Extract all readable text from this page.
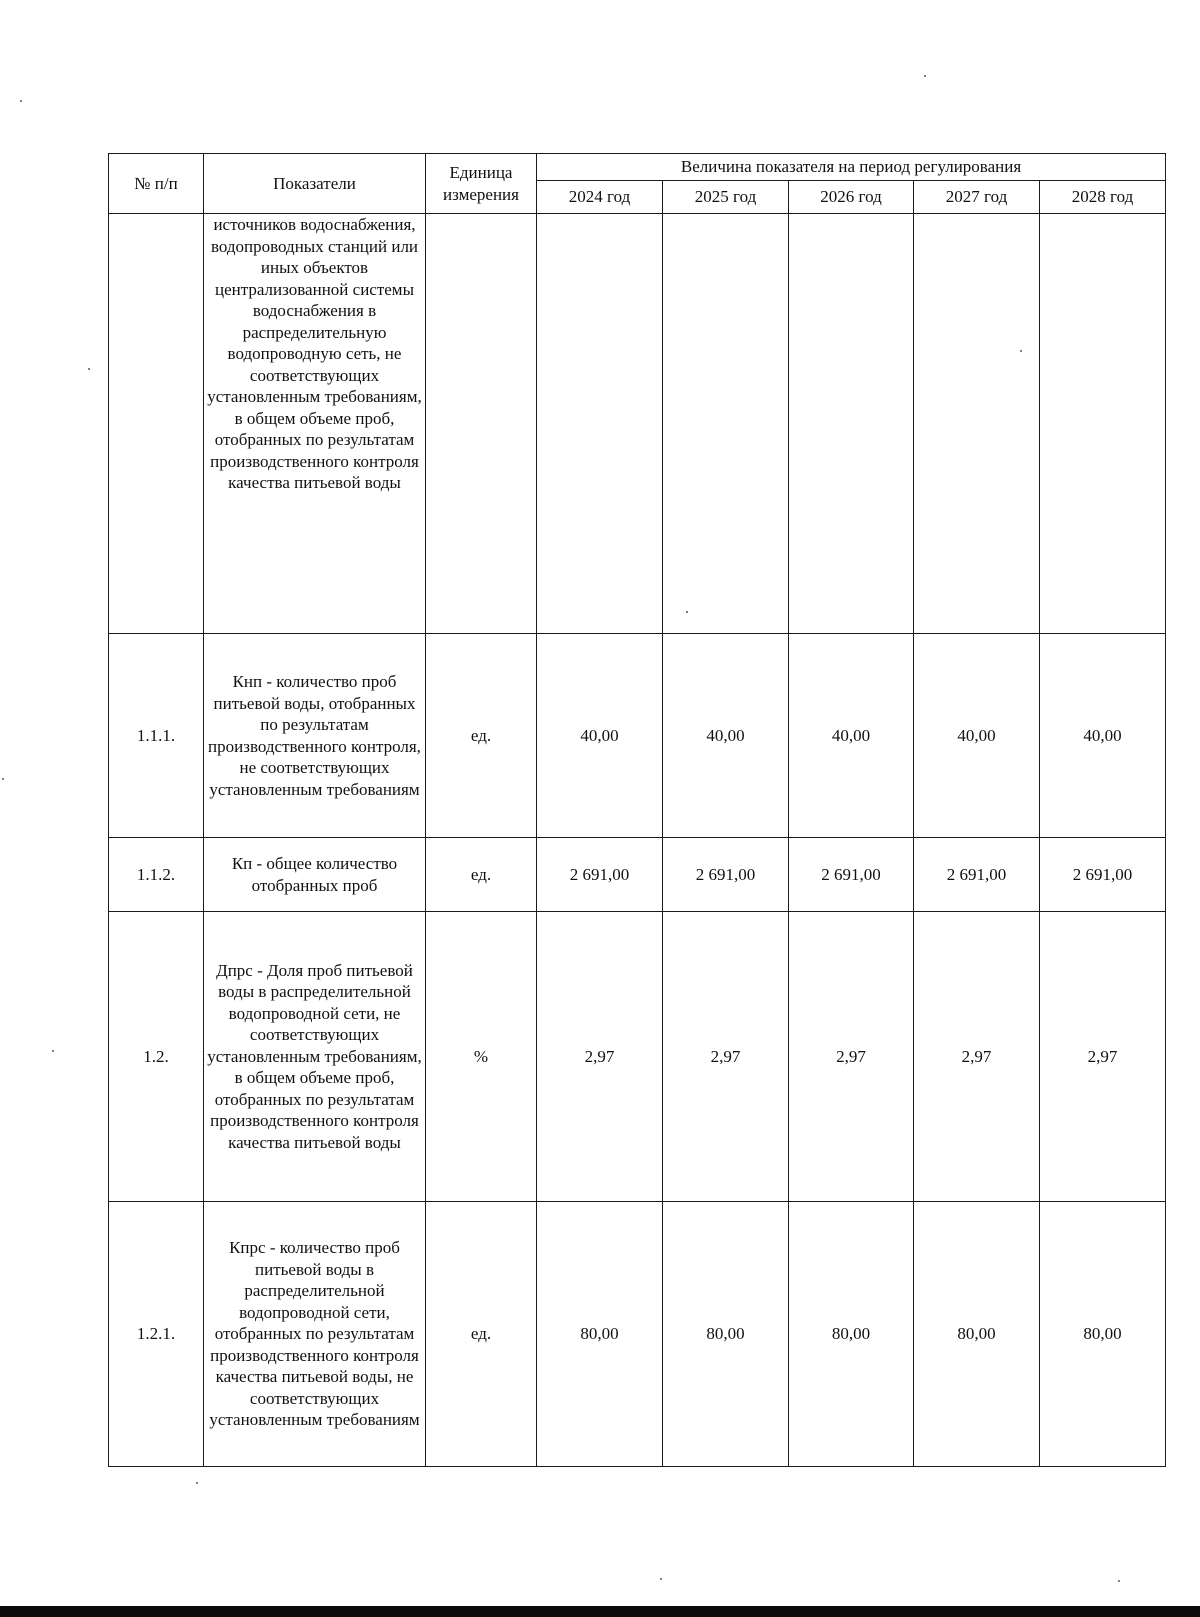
№ п/п	Показатели	Единица измерения	Величина показателя на период регулирования				
			2024 год	2025 год	2026 год	2027 год	2028 год
	источников водоснабжения, водопроводных станций или иных объектов централизованной системы водоснабжения в распределительную водопроводную сеть, не соответствующих установленным требованиям, в общем объеме проб, отобранных по результатам производственного контроля качества питьевой воды						
1.1.1.	Кнп - количество проб питьевой воды, отобранных по результатам производственного контроля, не соответствующих установленным требованиям	ед.	40,00	40,00	40,00	40,00	40,00
1.1.2.	Кп - общее количество отобранных проб	ед.	2 691,00	2 691,00	2 691,00	2 691,00	2 691,00
1.2.	Дпрс - Доля проб питьевой воды в распределительной водопроводной сети, не соответствующих установленным требованиям, в общем объеме проб, отобранных по результатам производственного контроля качества питьевой воды	%	2,97	2,97	2,97	2,97	2,97
1.2.1.	Кпрс - количество проб питьевой воды в распределительной водопроводной сети, отобранных по результатам производственного контроля качества питьевой воды, не соответствующих установленным требованиям	ед.	80,00	80,00	80,00	80,00	80,00
